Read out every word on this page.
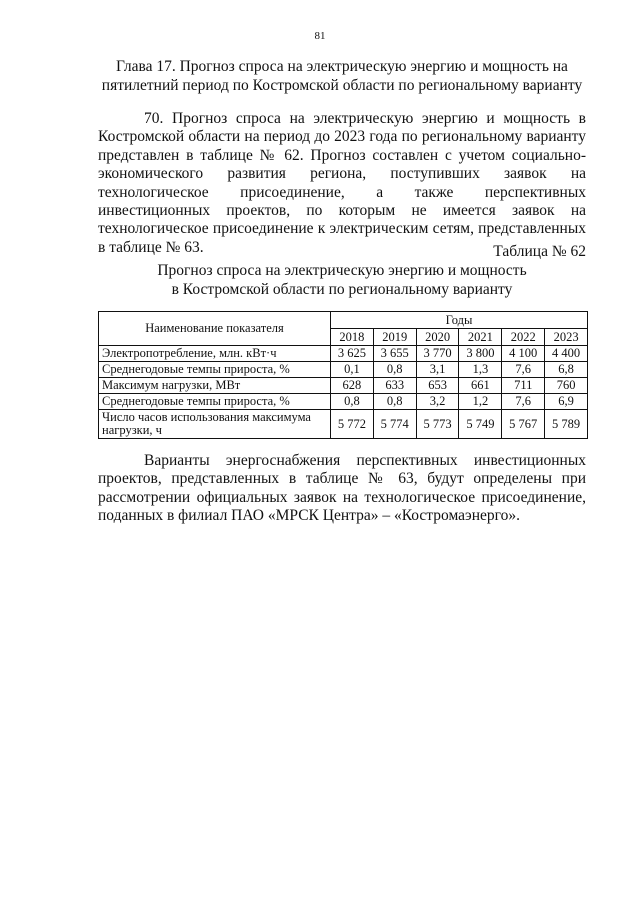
81
Глава 17. Прогноз спроса на электрическую энергию и мощность на пятилетний период по Костромской области по региональному варианту

70. Прогноз спроса на электрическую энергию и мощность в Костромской области на период до 2023 года по региональному варианту представлен в таблице № 62. Прогноз составлен с учетом социально-экономического развития региона, поступивших заявок на технологическое присоединение, а также перспективных инвестиционных проектов, по которым не имеется заявок на технологическое присоединение к электрическим сетям, представленных в таблице № 63.	Таблица № 62
Прогноз спроса на электрическую энергию и мощность
в Костромской области по региональному варианту
Наименование показателя	Годы					
	2018	2019	2020	2021	2022	2023
Электропотребление, млн. кВт·ч	3 625	3 655	3 770	3 800	4 100	4 400
Среднегодовые темпы прироста, %	0,1	0,8	3,1	1,3	7,6	6,8
Максимум нагрузки, МВт	628	633	653	661	711	760
Среднегодовые темпы прироста, %	0,8	0,8	3,2	1,2	7,6	6,9
Число часов использования максимума нагрузки, ч	5 772	5 774	5 773	5 749	5 767	5 789

Варианты энергоснабжения перспективных инвестиционных проектов, представленных в таблице № 63, будут определены при рассмотрении официальных заявок на технологическое присоединение, поданных в филиал ПАО «МРСК Центра» – «Костромаэнерго».
